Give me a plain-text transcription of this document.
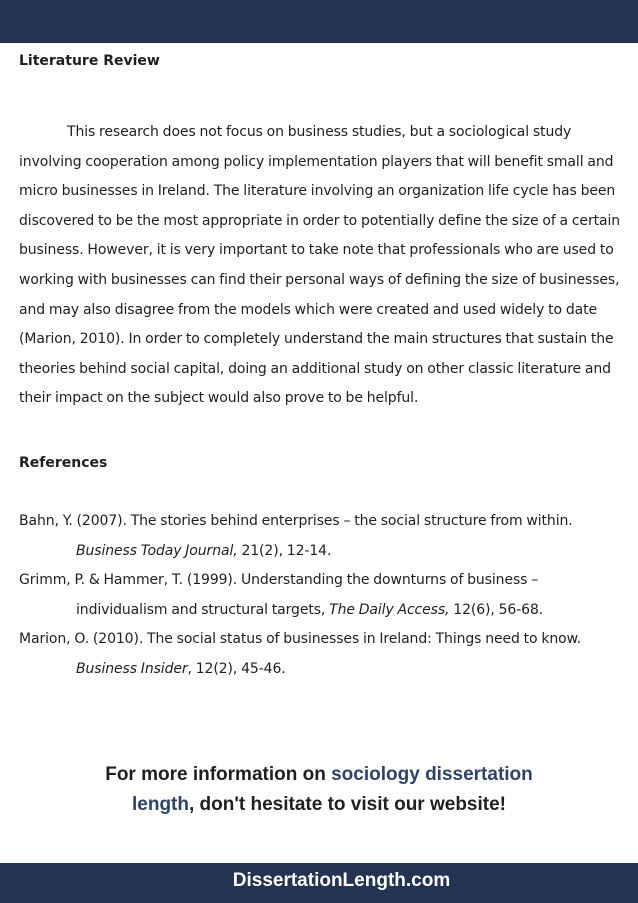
Literature Review

This research does not focus on business studies, but a sociological study involving cooperation among policy implementation players that will benefit small and micro businesses in Ireland. The literature involving an organization life cycle has been discovered to be the most appropriate in order to potentially define the size of a certain business. However, it is very important to take note that professionals who are used to working with businesses can find their personal ways of defining the size of businesses, and may also disagree from the models which were created and used widely to date (Marion, 2010). In order to completely understand the main structures that sustain the theories behind social capital, doing an additional study on other classic literature and their impact on the subject would also prove to be helpful.

References

Bahn, Y. (2007). The stories behind enterprises – the social structure from within. Business Today Journal, 21(2), 12-14.

Grimm, P. & Hammer, T. (1999). Understanding the downturns of business – individualism and structural targets, The Daily Access, 12(6), 56-68.

Marion, O. (2010). The social status of businesses in Ireland: Things need to know. Business Insider, 12(2), 45-46.

For more information on sociology dissertation
length, don't hesitate to visit our website!
DissertationLength.com
